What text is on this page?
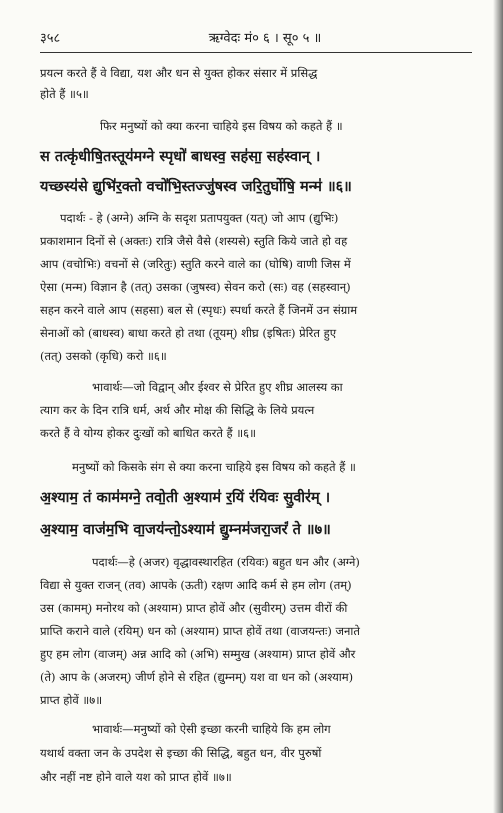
३५८	ऋग्वेदः मं० ६ । सू० ५ ॥
प्रयत्न करते हैं वे विद्या, यश और धन से युक्त होकर संसार में प्रसिद्ध
होते हैं ॥५॥
फिर मनुष्यों को क्या करना चाहिये इस विषय को कहते हैं ॥
स तत्कृ॑धीषि॒तस्तूय॑मग्ने स्पृधो॑ बाधस्व॒ सह॑सा॒ सह॑स्वान् ।
यच्छस्य॑से द्युभि॑र॒क्तो वचो॑भि॒स्तज्जु॑षस्व जरि॒तुर्घोषि॒ मन्म॑ ॥६॥
पदार्थः - हे (अग्ने) अग्नि के सदृश प्रतापयुक्त (यत्) जो आप (द्युभिः)
प्रकाशमान दिनों से (अक्तः) रात्रि जैसे वैसे (शस्यसे) स्तुति किये जाते हो वह
आप (वचोभिः) वचनों से (जरितुः) स्तुति करने वाले का (घोषि) वाणी जिस में
ऐसा (मन्म) विज्ञान है (तत्) उसका (जुषस्व) सेवन करो (सः) वह (सहस्वान्)
सहन करने वाले आप (सहसा) बल से (स्पृधः) स्पर्धा करते हैं जिनमें उन संग्राम
सेनाओं को (बाधस्व) बाधा करते हो तथा (तूयम्) शीघ्र (इषितः) प्रेरित हुए
(तत्) उसको (कृधि) करो ॥६॥
भावार्थः—जो विद्वान् और ईश्वर से प्रेरित हुए शीघ्र आलस्य का
त्याग कर के दिन रात्रि धर्म, अर्थ और मोक्ष की सिद्धि के लिये प्रयत्न
करते हैं वे योग्य होकर दुःखों को बाधित करते हैं ॥६॥
मनुष्यों को किसके संग से क्या करना चाहिये इस विषय को कहते हैं ॥
अ॒श्याम॒ तं काम॑मग्ने॒ तवो॒ती अ॒श्याम॑ र॒यिं र॑यिवः सु॒वीर॑म् ।
अ॒श्याम॒ वाज॑म॒भि वा॒जय॑न्तो॒ऽश्याम॑ द्यु॒म्नम॑जरा॒जरं॑ ते ॥७॥
पदार्थः—हे (अजर) वृद्धावस्थारहित (रयिवः) बहुत धन और (अग्ने)
विद्या से युक्त राजन् (तव) आपके (ऊती) रक्षण आदि कर्म से हम लोग (तम्)
उस (कामम्) मनोरथ को (अश्याम) प्राप्त होवें और (सुवीरम्) उत्तम वीरों की
प्राप्ति कराने वाले (रयिम्) धन को (अश्याम) प्राप्त होवें तथा (वाजयन्तः) जनाते
हुए हम लोग (वाजम्) अन्न आदि को (अभि) सम्मुख (अश्याम) प्राप्त होवें और
(ते) आप के (अजरम्) जीर्ण होने से रहित (द्युम्नम्) यश वा धन को (अश्याम)
प्राप्त होवें ॥७॥
भावार्थः—मनुष्यों को ऐसी इच्छा करनी चाहिये कि हम लोग
यथार्थ वक्ता जन के उपदेश से इच्छा की सिद्धि, बहुत धन, वीर पुरुषों
और नहीं नष्ट होने वाले यश को प्राप्त होवें ॥७॥
